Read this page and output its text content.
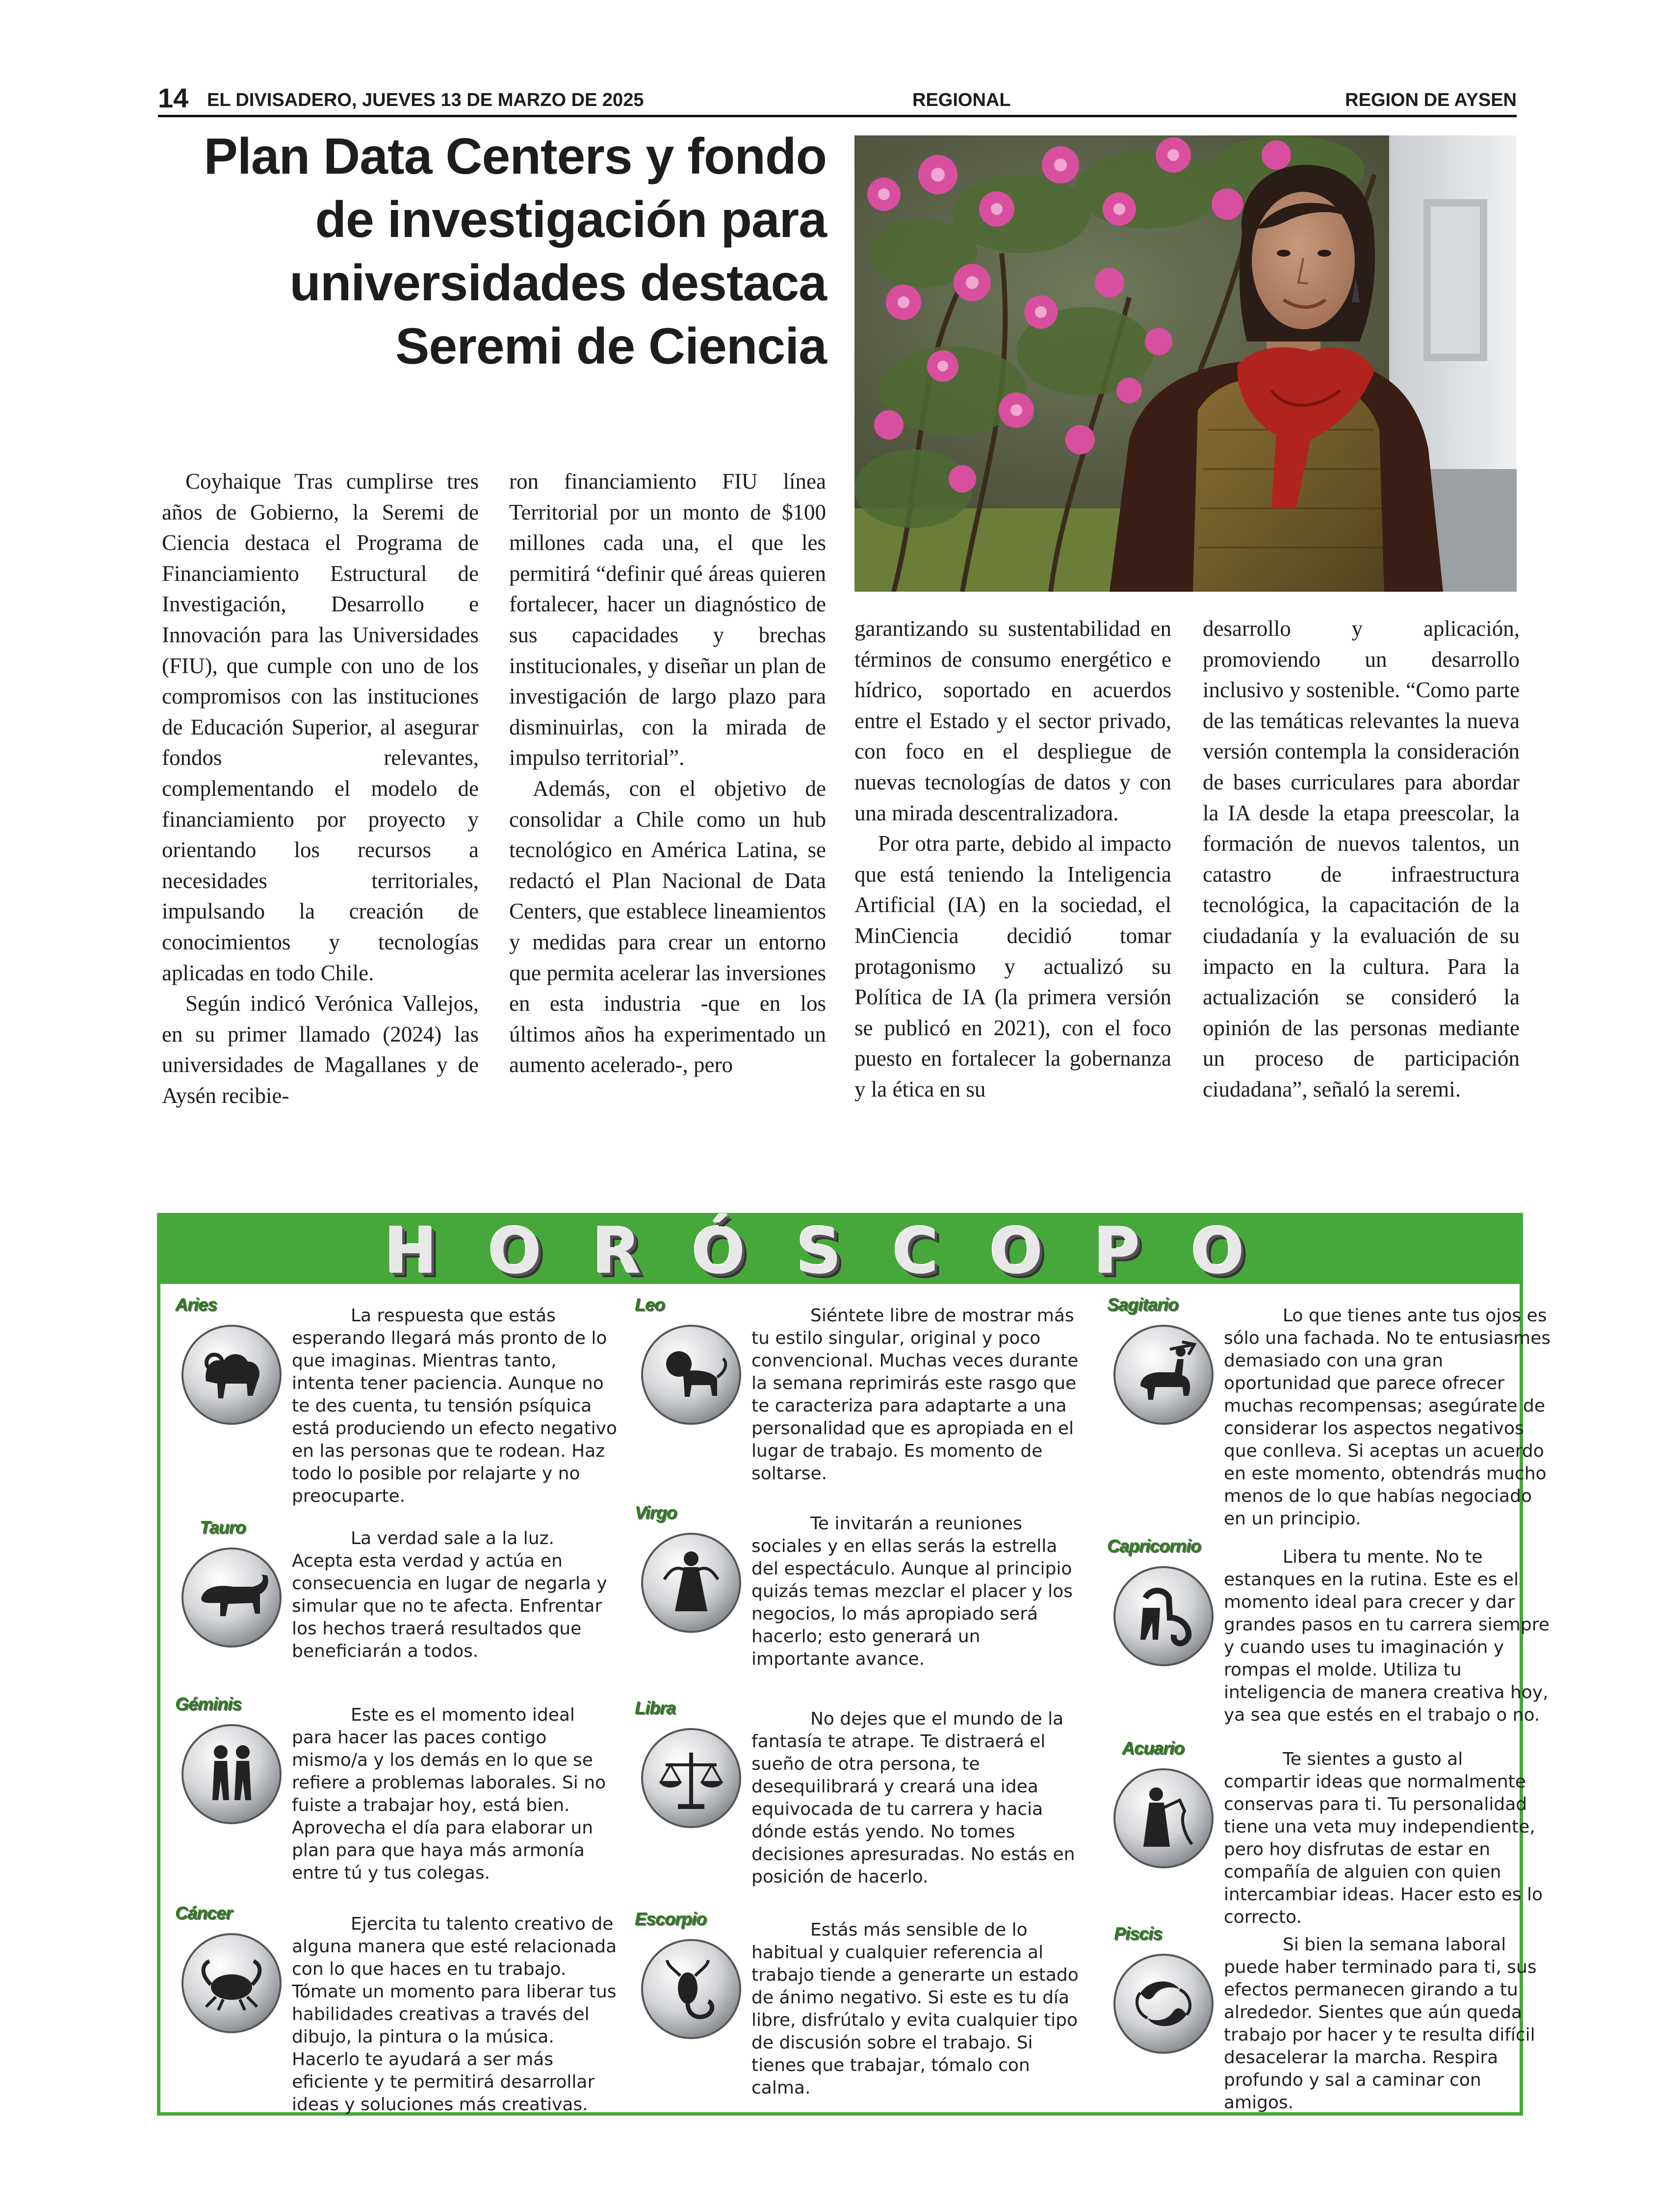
14 EL DIVISADERO, JUEVES 13 DE MARZO DE 2025	REGIONAL	REGION DE AYSEN
Plan Data Centers y fondo de investigación para universidades destaca Seremi de Ciencia

Coyhaique Tras cumplirse tres años de Gobierno, la Seremi de Ciencia destaca el Programa de Financiamiento Estructural de Investigación, Desarrollo e Innovación para las Universidades (FIU), que cumple con uno de los compromisos con las instituciones de Educación Superior, al asegurar fondos relevantes, complementando el modelo de financiamiento por proyecto y orientando los recursos a necesidades territoriales, impulsando la creación de conocimientos y tecnologías aplicadas en todo Chile.

Según indicó Verónica Vallejos, en su primer llamado (2024) las universidades de Magallanes y de Aysén recibie-

ron financiamiento FIU línea Territorial por un monto de $100 millones cada una, el que les permitirá “definir qué áreas quieren fortalecer, hacer un diagnóstico de sus capacidades y brechas institucionales, y diseñar un plan de investigación de largo plazo para disminuirlas, con la mirada de impulso territorial”.

Además, con el objetivo de consolidar a Chile como un hub tecnológico en América Latina, se redactó el Plan Nacional de Data Centers, que establece lineamientos y medidas para crear un entorno que permita acelerar las inversiones en esta industria -que en los últimos años ha experimentado un aumento acelerado-, pero

garantizando su sustentabilidad en términos de consumo energético e hídrico, soportado en acuerdos entre el Estado y el sector privado, con foco en el despliegue de nuevas tecnologías de datos y con una mirada descentralizadora.

Por otra parte, debido al impacto que está teniendo la Inteligencia Artificial (IA) en la sociedad, el MinCiencia decidió tomar protagonismo y actualizó su Política de IA (la primera versión se publicó en 2021), con el foco puesto en fortalecer la gobernanza y la ética en su

desarrollo y aplicación, promoviendo un desarrollo inclusivo y sostenible. “Como parte de las temáticas relevantes la nueva versión contempla la consideración de bases curriculares para abordar la IA desde la etapa preescolar, la formación de nuevos talentos, un catastro de infraestructura tecnológica, la capacitación de la ciudadanía y la evaluación de su impacto en la cultura. Para la actualización se consideró la opinión de las personas mediante un proceso de participación ciudadana”, señaló la seremi.

HORÓSCOPO
Aries

La respuesta que estás esperando llegará más pronto de lo que imaginas. Mientras tanto, intenta tener paciencia. Aunque no te des cuenta, tu tensión psíquica está produciendo un efecto negativo en las personas que te rodean. Haz todo lo posible por relajarte y no preocuparte.

Tauro

La verdad sale a la luz. Acepta esta verdad y actúa en consecuencia en lugar de negarla y simular que no te afecta. Enfrentar los hechos traerá resultados que beneficiarán a todos.

Géminis

Este es el momento ideal para hacer las paces contigo mismo/a y los demás en lo que se refiere a problemas laborales. Si no fuiste a trabajar hoy, está bien. Aprovecha el día para elaborar un plan para que haya más armonía entre tú y tus colegas.

Cáncer

Ejercita tu talento creativo de alguna manera que esté relacionada con lo que haces en tu trabajo. Tómate un momento para liberar tus habilidades creativas a través del dibujo, la pintura o la música. Hacerlo te ayudará a ser más eficiente y te permitirá desarrollar ideas y soluciones más creativas.

Leo

Siéntete libre de mostrar más tu estilo singular, original y poco convencional. Muchas veces durante la semana reprimirás este rasgo que te caracteriza para adaptarte a una personalidad que es apropiada en el lugar de trabajo. Es momento de soltarse.

Virgo

Te invitarán a reuniones sociales y en ellas serás la estrella del espectáculo. Aunque al principio quizás temas mezclar el placer y los negocios, lo más apropiado será hacerlo; esto generará un importante avance.

Libra

No dejes que el mundo de la fantasía te atrape. Te distraerá el sueño de otra persona, te desequilibrará y creará una idea equivocada de tu carrera y hacia dónde estás yendo. No tomes decisiones apresuradas. No estás en posición de hacerlo.

Escorpio

Estás más sensible de lo habitual y cualquier referencia al trabajo tiende a generarte un estado de ánimo negativo. Si este es tu día libre, disfrútalo y evita cualquier tipo de discusión sobre el trabajo. Si tienes que trabajar, tómalo con calma.

Sagitario

Lo que tienes ante tus ojos es sólo una fachada. No te entusiasmes demasiado con una gran oportunidad que parece ofrecer muchas recompensas; asegúrate de considerar los aspectos negativos que conlleva. Si aceptas un acuerdo en este momento, obtendrás mucho menos de lo que habías negociado en un principio.

Capricornio

Libera tu mente. No te estanques en la rutina. Este es el momento ideal para crecer y dar grandes pasos en tu carrera siempre y cuando uses tu imaginación y rompas el molde. Utiliza tu inteligencia de manera creativa hoy, ya sea que estés en el trabajo o no.

Acuario

Te sientes a gusto al compartir ideas que normalmente conservas para ti. Tu personalidad tiene una veta muy independiente, pero hoy disfrutas de estar en compañía de alguien con quien intercambiar ideas. Hacer esto es lo correcto.

Piscis

Si bien la semana laboral puede haber terminado para ti, sus efectos permanecen girando a tu alrededor. Sientes que aún queda trabajo por hacer y te resulta difícil desacelerar la marcha. Respira profundo y sal a caminar con amigos.
